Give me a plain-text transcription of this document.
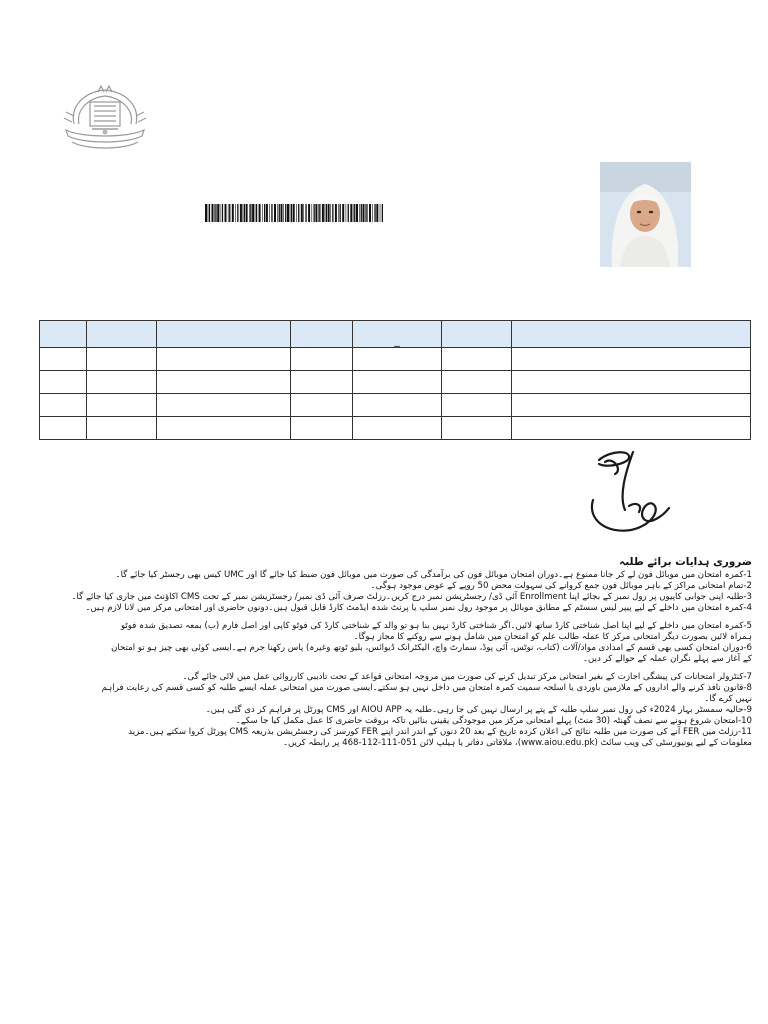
				_		

ضروری ہدایات برائے طلبہ

1-کمرہ امتحان میں موبائل فون لے کر جانا ممنوع ہے۔دوران امتحان موبائل فون کی برآمدگی کی صورت میں موبائل فون ضبط کیا جائے گا اور UMC کیس بھی رجسٹر کیا جائے گا۔

2-تمام امتحانی مراکز کے باہر موبائل فون جمع کروانے کی سہولت محض 50 روپے کے عوض موجود ہوگی۔

3-طلبہ اپنی جوابی کاپیوں پر رول نمبر کے بجائے اپنا Enrollment آئی ڈی/ رجسٹریشن نمبر درج کریں۔رزلٹ صرف آئی ڈی نمبر/ رجسٹریشن نمبر کے تحت CMS اکاؤنٹ میں جاری کیا جائے گا۔

4-کمرہ امتحان میں داخلے کے لیے پیپر لیس سسٹم کے مطابق موبائل پر موجود رول نمبر سلپ یا پرنٹ شدہ ایڈمٹ کارڈ قابل قبول ہیں۔دونوں حاضری اور امتحانی مرکز میں لانا لازم ہیں۔

5-کمرہ امتحان میں داخلے کے لیے اپنا اصل شناختی کارڈ ساتھ لائیں۔اگر شناختی کارڈ نہیں بنا ہو تو والد کے شناختی کارڈ کی فوٹو کاپی اور اصل فارم (ب) بمعہ تصدیق شدہ فوٹو ہمراہ لائیں بصورت دیگر امتحانی مرکز کا عملہ طالب علم کو امتحان میں شامل ہونے سے روکنے کا مجاز ہوگا۔

6-دوران امتحان کسی بھی قسم کے امدادی مواد/آلات (کتاب، نوٹس، آئی پوڈ، سمارٹ واچ، الیکٹرانک ڈیوائس، بلیو ٹوتھ وغیرہ) پاس رکھنا جرم ہے۔ایسی کوئی بھی چیز ہو تو امتحان کے آغاز سے پہلے نگران عملہ کے حوالے کر دیں۔

7-کنٹرولر امتحانات کی پیشگی اجازت کے بغیر امتحانی مرکز تبدیل کرنے کی صورت میں مروجہ امتحانی قواعد کے تحت تادیبی کارروائی عمل میں لائی جائے گی۔

8-قانون نافذ کرنے والے اداروں کے ملازمین باوردی یا اسلحہ سمیت کمرہ امتحان میں داخل نہیں ہو سکتے۔ایسی صورت میں امتحانی عملہ ایسے طلبہ کو کسی قسم کی رعایت فراہم نہیں کرے گا۔

9-حالیہ سمسٹر بہار 2024ء کی رول نمبر سلپ طلبہ کے پتے پر ارسال نہیں کی جا رہی۔طلبہ یہ AIOU APP اور CMS پورٹل پر فراہم کر دی گئی ہیں۔

10-امتحان شروع ہونے سے نصف گھنٹہ (30 منٹ) پہلے امتحانی مرکز میں موجودگی یقینی بنائیں تاکہ بروقت حاضری کا عمل مکمل کیا جا سکے۔

11-رزلٹ میں FER آنے کی صورت میں طلبہ نتائج کی اعلان کردہ تاریخ کے بعد 20 دنوں کے اندر اندر اپنے FER کورسز کی رجسٹریشن بذریعہ CMS پورٹل کروا سکتے ہیں۔مزید معلومات کے لیے یونیورسٹی کی ویب سائٹ (www.aiou.edu.pk)، ملاقاتی دفاتر یا ہیلپ لائن 051-111-112-468 پر رابطہ کریں۔
